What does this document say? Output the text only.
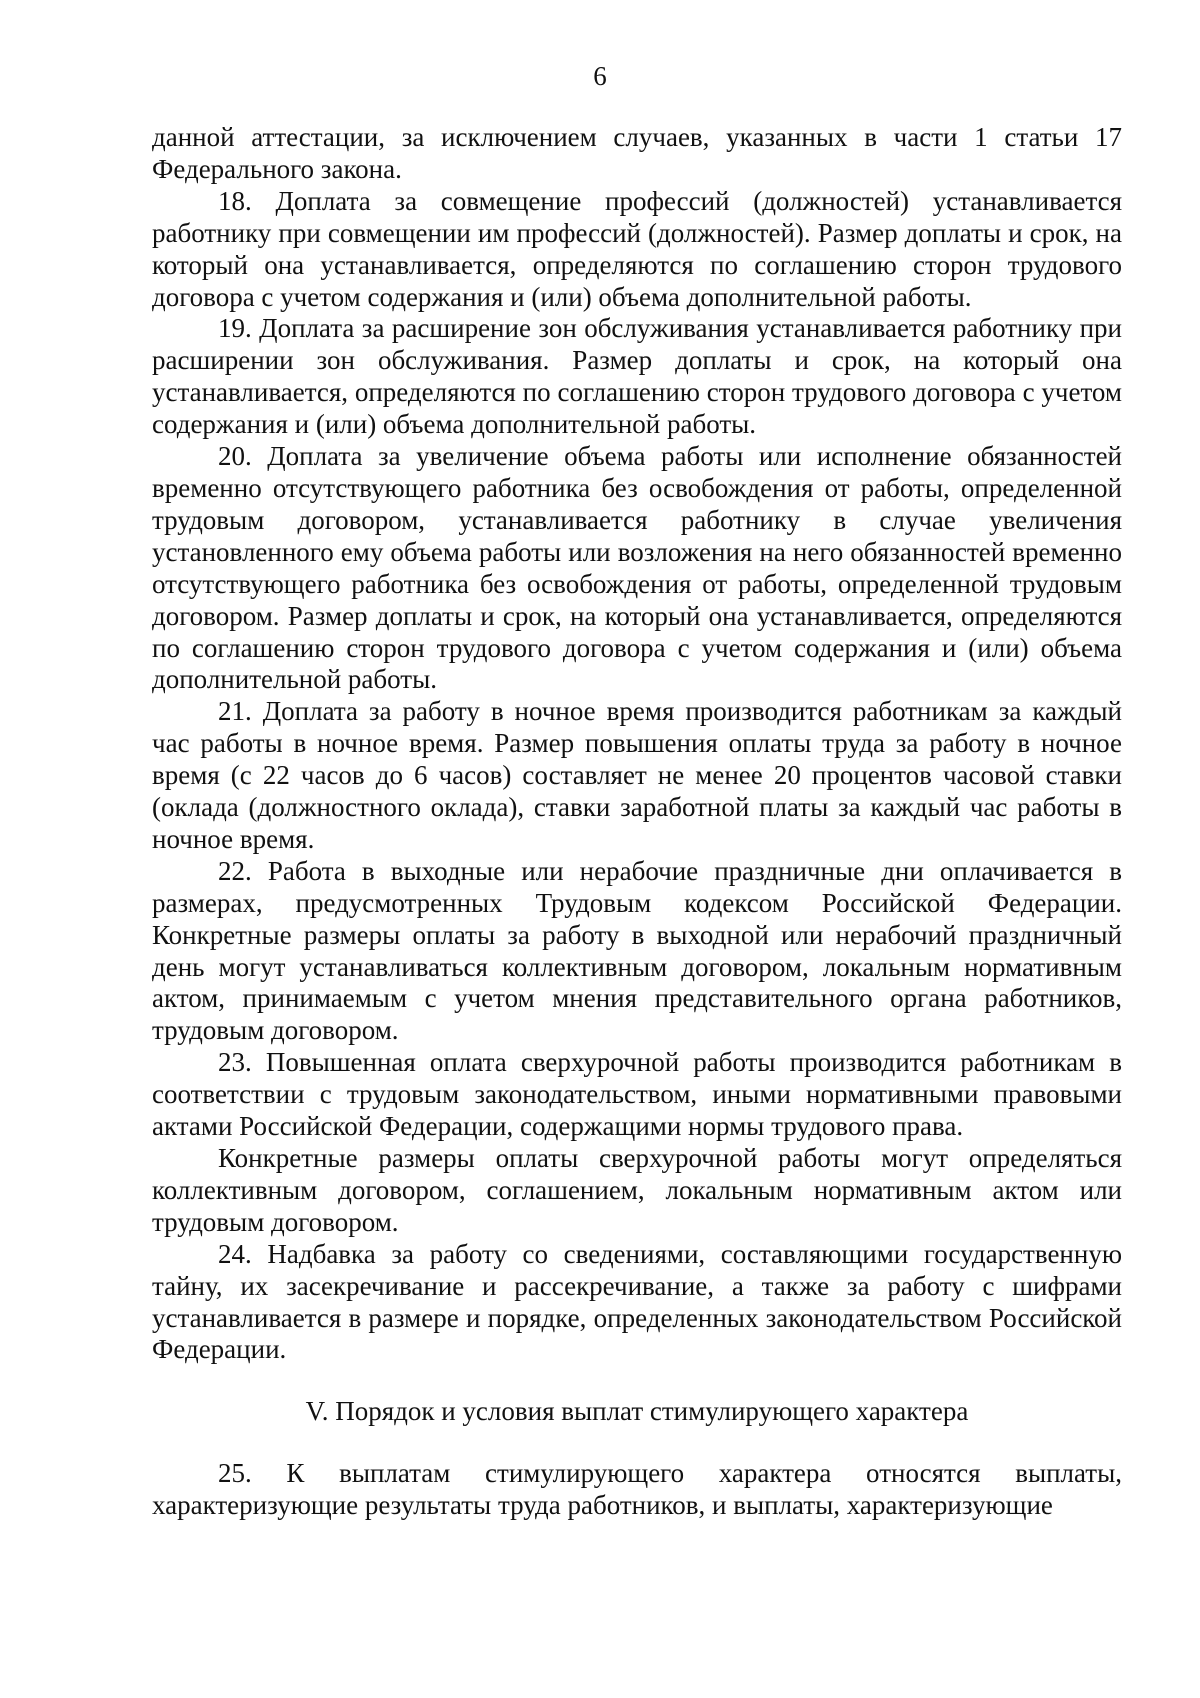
6

данной аттестации, за исключением случаев, указанных в части 1 статьи 17 Федерального закона.

18. Доплата за совмещение профессий (должностей) устанавливается работнику при совмещении им профессий (должностей). Размер доплаты и срок, на который она устанавливается, определяются по соглашению сторон трудового договора с учетом содержания и (или) объема дополнительной работы.

19. Доплата за расширение зон обслуживания устанавливается работнику при расширении зон обслуживания. Размер доплаты и срок, на который она устанавливается, определяются по соглашению сторон трудового договора с учетом содержания и (или) объема дополнительной работы.

20. Доплата за увеличение объема работы или исполнение обязанностей временно отсутствующего работника без освобождения от работы, определенной трудовым договором, устанавливается работнику в случае увеличения установленного ему объема работы или возложения на него обязанностей временно отсутствующего работника без освобождения от работы, определенной трудовым договором. Размер доплаты и срок, на который она устанавливается, определяются по соглашению сторон трудового договора с учетом содержания и (или) объема дополнительной работы.

21. Доплата за работу в ночное время производится работникам за каждый час работы в ночное время. Размер повышения оплаты труда за работу в ночное время (с 22 часов до 6 часов) составляет не менее 20 процентов часовой ставки (оклада (должностного оклада), ставки заработной платы за каждый час работы в ночное время.

22. Работа в выходные или нерабочие праздничные дни оплачивается в размерах, предусмотренных Трудовым кодексом Российской Федерации. Конкретные размеры оплаты за работу в выходной или нерабочий праздничный день могут устанавливаться коллективным договором, локальным нормативным актом, принимаемым с учетом мнения представительного органа работников, трудовым договором.

23. Повышенная оплата сверхурочной работы производится работникам в соответствии с трудовым законодательством, иными нормативными правовыми актами Российской Федерации, содержащими нормы трудового права.

Конкретные размеры оплаты сверхурочной работы могут определяться коллективным договором, соглашением, локальным нормативным актом или трудовым договором.

24. Надбавка за работу со сведениями, составляющими государственную тайну, их засекречивание и рассекречивание, а также за работу с шифрами устанавливается в размере и порядке, определенных законодательством Российской Федерации.

V. Порядок и условия выплат стимулирующего характера

25. К выплатам стимулирующего характера относятся выплаты, характеризующие результаты труда работников, и выплаты, характеризующие
